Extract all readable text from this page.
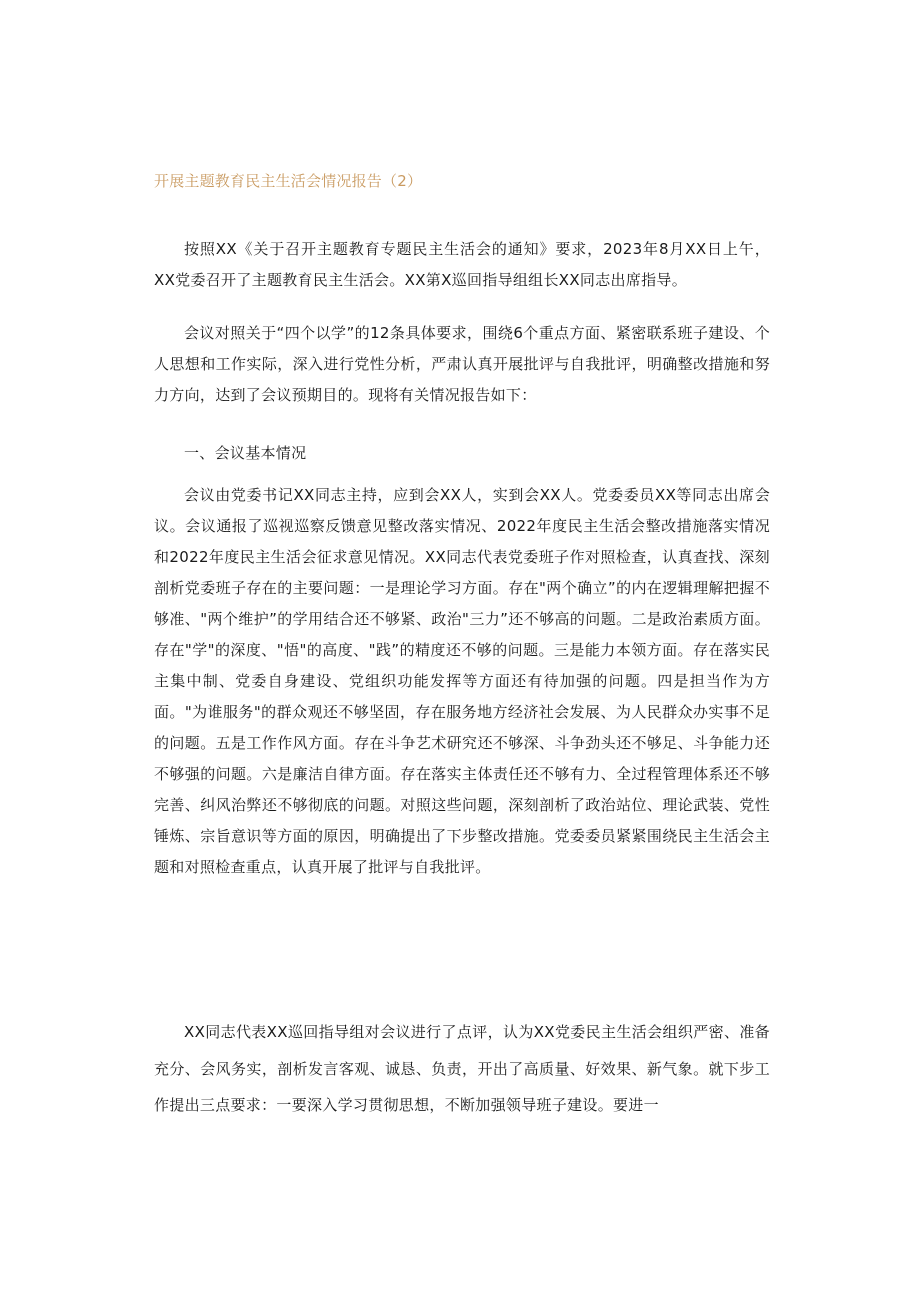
开展主题教育民主生活会情况报告（2）

按照XX《关于召开主题教育专题民主生活会的通知》要求，2023年8月XX日上午，XX党委召开了主题教育民主生活会。XX第X巡回指导组组长XX同志出席指导。

会议对照关于“四个以学”的12条具体要求，围绕6个重点方面、紧密联系班子建设、个人思想和工作实际，深入进行党性分析，严肃认真开展批评与自我批评，明确整改措施和努力方向，达到了会议预期目的。现将有关情况报告如下：

一、会议基本情况

会议由党委书记XX同志主持，应到会XX人，实到会XX人。党委委员XX等同志出席会议。会议通报了巡视巡察反馈意见整改落实情况、2022年度民主生活会整改措施落实情况和2022年度民主生活会征求意见情况。XX同志代表党委班子作对照检查，认真查找、深刻剖析党委班子存在的主要问题：一是理论学习方面。存在"两个确立”的内在逻辑理解把握不够准、"两个维护”的学用结合还不够紧、政治"三力”还不够高的问题。二是政治素质方面。存在"学"的深度、"悟"的高度、"践”的精度还不够的问题。三是能力本领方面。存在落实民主集中制、党委自身建设、党组织功能发挥等方面还有待加强的问题。四是担当作为方面。"为谁服务"的群众观还不够坚固，存在服务地方经济社会发展、为人民群众办实事不足的问题。五是工作作风方面。存在斗争艺术研究还不够深、斗争劲头还不够足、斗争能力还不够强的问题。六是廉洁自律方面。存在落实主体责任还不够有力、全过程管理体系还不够完善、纠风治弊还不够彻底的问题。对照这些问题，深刻剖析了政治站位、理论武装、党性锤炼、宗旨意识等方面的原因，明确提出了下步整改措施。党委委员紧紧围绕民主生活会主题和对照检查重点，认真开展了批评与自我批评。

XX同志代表XX巡回指导组对会议进行了点评，认为XX党委民主生活会组织严密、准备充分、会风务实，剖析发言客观、诚恳、负责，开出了高质量、好效果、新气象。就下步工作提出三点要求：一要深入学习贯彻思想，不断加强领导班子建设。要进一
